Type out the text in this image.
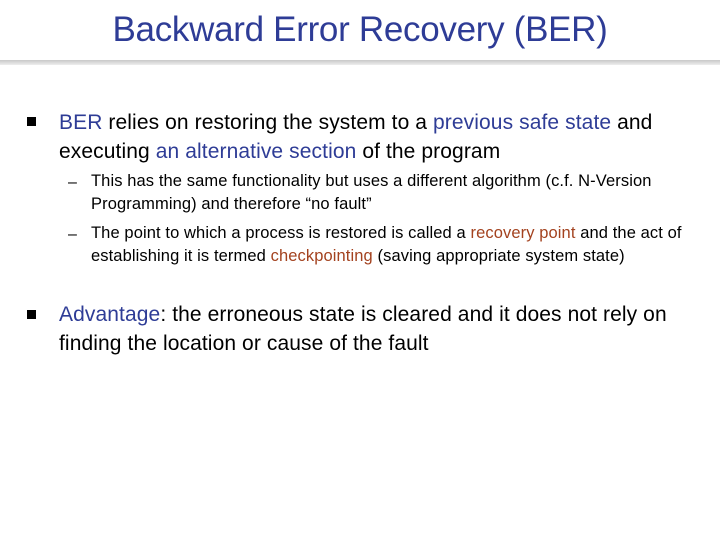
Backward Error Recovery (BER)
BER relies on restoring the system to a previous safe state and executing an alternative section of the program
– This has the same functionality but uses a different algorithm (c.f. N-Version Programming) and therefore “no fault”
– The point to which a process is restored is called a recovery point and the act of establishing it is termed checkpointing (saving appropriate system state)
Advantage: the erroneous state is cleared and it does not rely on finding the location or cause of the fault
